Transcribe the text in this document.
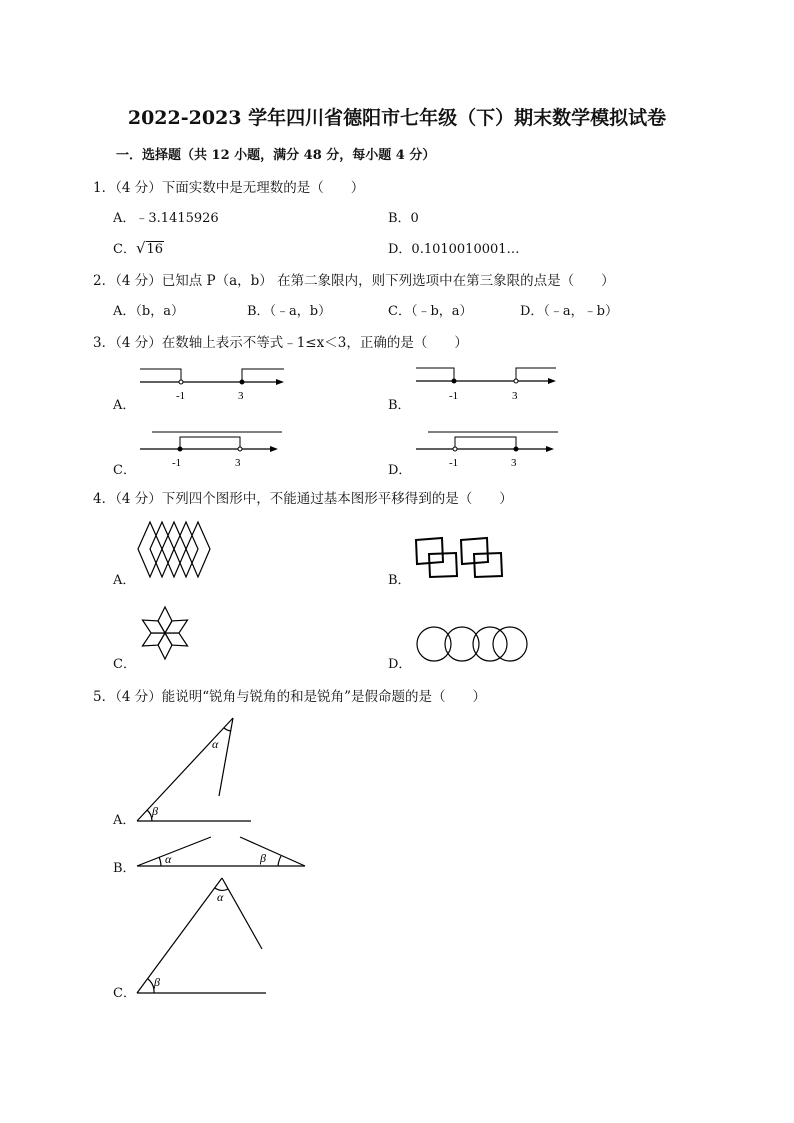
2022-2023 学年四川省德阳市七年级（下）期末数学模拟试卷
一．选择题（共 12 小题，满分 48 分，每小题 4 分）
1．（4 分）下面实数中是无理数的是（　　）
A．﹣3.1415926	B．0
C．√16	D．0.1010010001…
2．（4 分）已知点 P（a，b） 在第二象限内，则下列选项中在第三象限的点是（　　）
A．（b，a）	B．（﹣a，b）	C．（﹣b，a）	D．（﹣a，﹣b）
3．（4 分）在数轴上表示不等式﹣1≤x＜3，正确的是（　　）
A．
-1	3
B．
-1	3
C．	-1	3	D．	-1	3
4．（4 分）下列四个图形中，不能通过基本图形平移得到的是（　　）
A．	B．
C．	D．
5．（4 分）能说明“锐角与锐角的和是锐角”是假命题的是（　　）
A．
β
α
B．
α	β
C．
β
α
